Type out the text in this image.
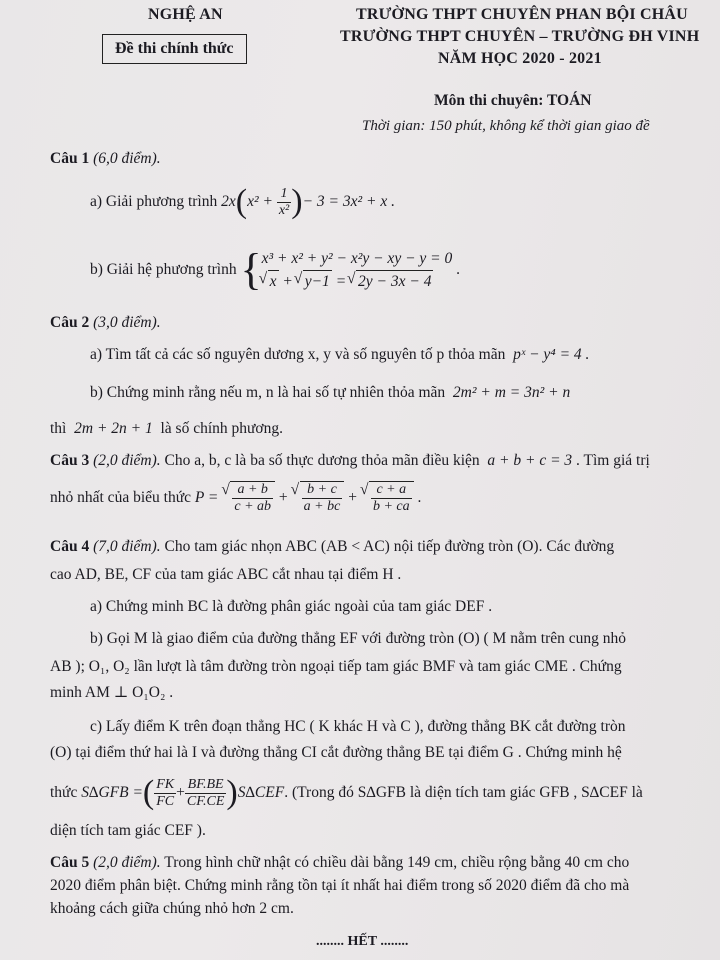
NGHỆ AN
Đề thi chính thức
TRƯỜNG THPT CHUYÊN PHAN BỘI CHÂU
TRƯỜNG THPT CHUYÊN – TRƯỜNG ĐH VINH
NĂM HỌC 2020 - 2021
Môn thi chuyên: TOÁN
Thời gian: 150 phút, không kể thời gian giao đề
Câu 1 (6,0 điểm).
a) Giải phương trình
2x ( x² +
$\frac{1}{\text{x²}}$ ) − 3 = 3x² + x .
b) Giải hệ phương trình
{ x³ + x² + y² − x²y − xy − y = 0
√ x + √ y−1 = √ 2y − 3x − 4

.
Câu 2 (3,0 điểm).
a) Tìm tất cả các số nguyên dương x, y và số nguyên tố p thỏa mãn pˣ − y⁴ = 4 .
b) Chứng minh rằng nếu m, n là hai số tự nhiên thỏa mãn 2m² + m = 3n² + n
thì 2m + 2n + 1 là số chính phương.
Câu 3 (2,0 điểm). Cho a, b, c là ba số thực dương thỏa mãn điều kiện a + b + c = 3 . Tìm giá trị
nhỏ nhất của biểu thức
P = √ $\frac{a + b}{c + ab}$
+ √ $\frac{b + c}{a + bc}$
+ √ $\frac{c + a}{b + ca}$
.
Câu 4 (7,0 điểm). Cho tam giác nhọn ABC (AB < AC) nội tiếp đường tròn (O). Các đường
cao AD, BE, CF của tam giác ABC cắt nhau tại điểm H .
a) Chứng minh BC là đường phân giác ngoài của tam giác DEF .
b) Gọi M là giao điểm của đường thẳng EF với đường tròn (O) ( M nằm trên cung nhỏ
AB ); O₁, O₂ lần lượt là tâm đường tròn ngoại tiếp tam giác BMF và tam giác CME . Chứng
minh AM ⊥ O₁O₂ .
c) Lấy điểm K trên đoạn thẳng HC ( K khác H và C ), đường thẳng BK cắt đường tròn
(O) tại điểm thứ hai là I và đường thẳng CI cắt đường thẳng BE tại điểm G . Chứng minh hệ
thức
S∆GFB = ( $\frac{FK}{FC} + \frac{BF.BE}{CF.CE}$ ) S∆CEF . (Trong đó S∆GFB là diện tích tam giác GFB , S∆CEF là
diện tích tam giác CEF ).
Câu 5 (2,0 điểm). Trong hình chữ nhật có chiều dài bằng 149 cm, chiều rộng bằng 40 cm cho
2020 điểm phân biệt. Chứng minh rằng tồn tại ít nhất hai điểm trong số 2020 điểm đã cho mà
khoảng cách giữa chúng nhỏ hơn 2 cm.
........ HẾT ........
